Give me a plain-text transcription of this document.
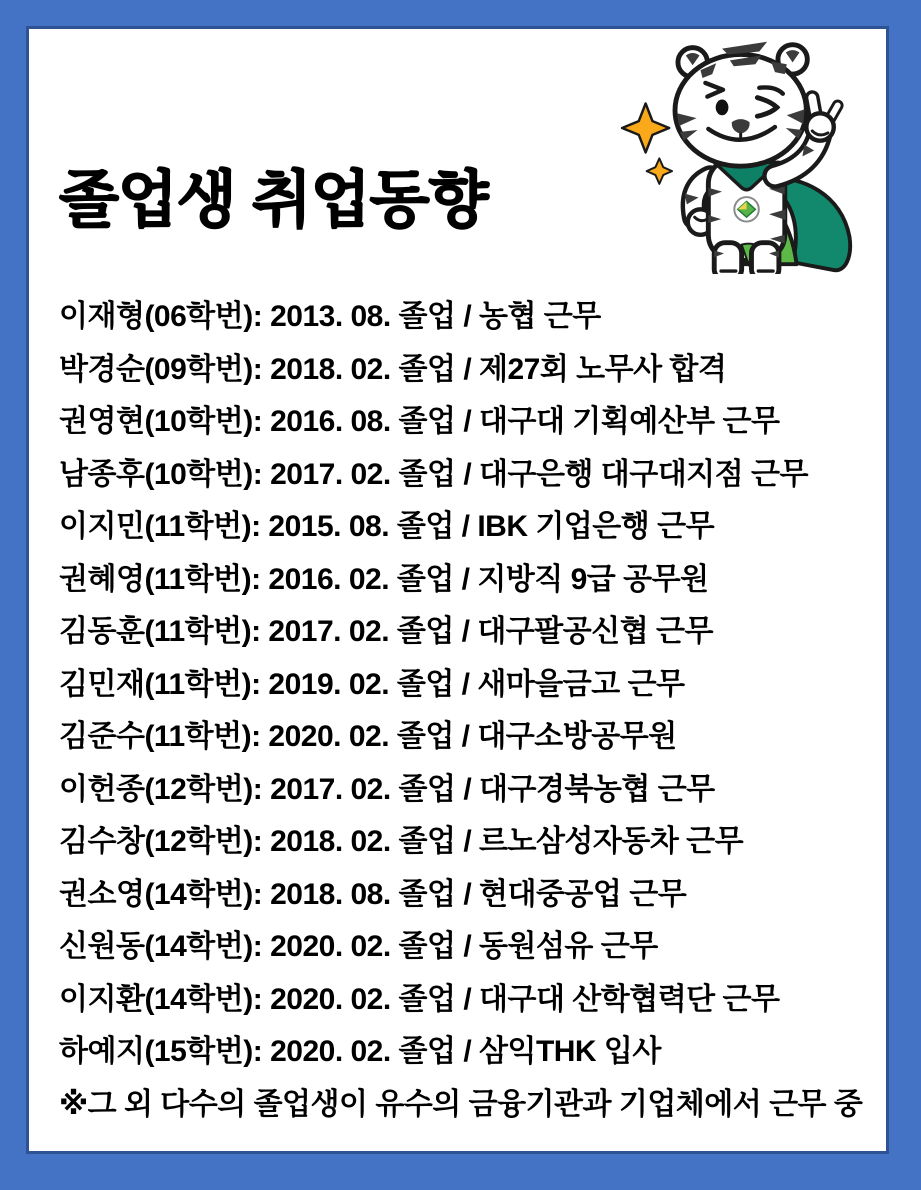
졸업생 취업동향
이재형(06학번): 2013. 08. 졸업 / 농협 근무
박경순(09학번): 2018. 02. 졸업 / 제27회 노무사 합격
권영현(10학번): 2016. 08. 졸업 / 대구대 기획예산부 근무
남종후(10학번): 2017. 02. 졸업 / 대구은행 대구대지점 근무
이지민(11학번): 2015. 08. 졸업 / IBK 기업은행 근무
권혜영(11학번): 2016. 02. 졸업 / 지방직 9급 공무원
김동훈(11학번): 2017. 02. 졸업 / 대구팔공신협 근무
김민재(11학번): 2019. 02. 졸업 / 새마을금고 근무
김준수(11학번): 2020. 02. 졸업 / 대구소방공무원
이헌종(12학번): 2017. 02. 졸업 / 대구경북농협 근무
김수창(12학번): 2018. 02. 졸업 / 르노삼성자동차 근무
권소영(14학번): 2018. 08. 졸업 / 현대중공업 근무
신원동(14학번): 2020. 02. 졸업 / 동원섬유 근무
이지환(14학번): 2020. 02. 졸업 / 대구대 산학협력단 근무
하예지(15학번): 2020. 02. 졸업 / 삼익THK 입사
※그 외 다수의 졸업생이 유수의 금융기관과 기업체에서 근무 중
